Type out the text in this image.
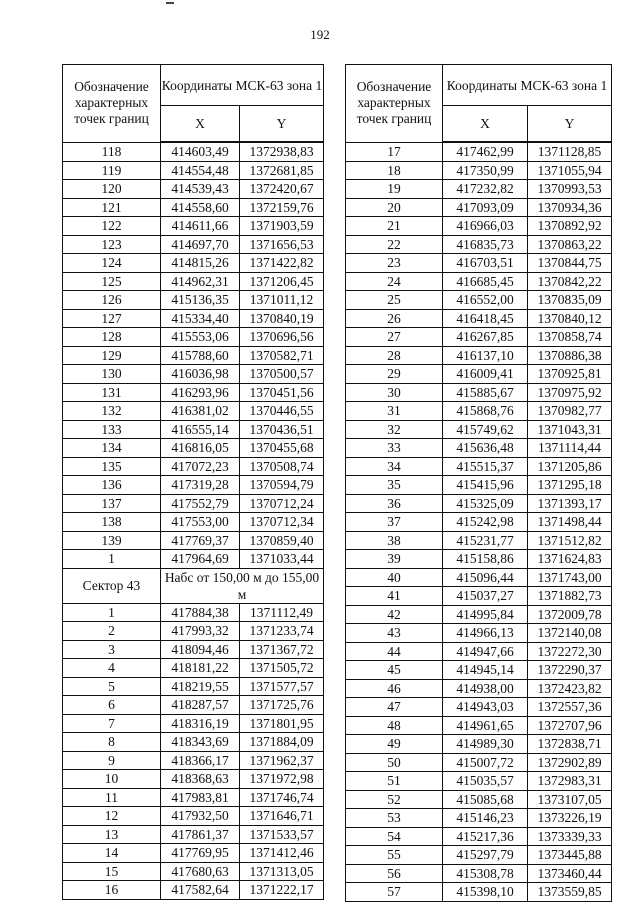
192
Обозначение характерных точек границ	Координаты МСК-63 зона 1	
	X	Y
118	414603,49	1372938,83
119	414554,48	1372681,85
120	414539,43	1372420,67
121	414558,60	1372159,76
122	414611,66	1371903,59
123	414697,70	1371656,53
124	414815,26	1371422,82
125	414962,31	1371206,45
126	415136,35	1371011,12
127	415334,40	1370840,19
128	415553,06	1370696,56
129	415788,60	1370582,71
130	416036,98	1370500,57
131	416293,96	1370451,56
132	416381,02	1370446,55
133	416555,14	1370436,51
134	416816,05	1370455,68
135	417072,23	1370508,74
136	417319,28	1370594,79
137	417552,79	1370712,24
138	417553,00	1370712,34
139	417769,37	1370859,40
1	417964,69	1371033,44
Сектор 43	Набс от 150,00 м до 155,00 м	
1	417884,38	1371112,49
2	417993,32	1371233,74
3	418094,46	1371367,72
4	418181,22	1371505,72
5	418219,55	1371577,57
6	418287,57	1371725,76
7	418316,19	1371801,95
8	418343,69	1371884,09
9	418366,17	1371962,37
10	418368,63	1371972,98
11	417983,81	1371746,74
12	417932,50	1371646,71
13	417861,37	1371533,57
14	417769,95	1371412,46
15	417680,63	1371313,05
16	417582,64	1371222,17
Обозначение характерных точек границ	Координаты МСК-63 зона 1	
	X	Y
17	417462,99	1371128,85
18	417350,99	1371055,94
19	417232,82	1370993,53
20	417093,09	1370934,36
21	416966,03	1370892,92
22	416835,73	1370863,22
23	416703,51	1370844,75
24	416685,45	1370842,22
25	416552,00	1370835,09
26	416418,45	1370840,12
27	416267,85	1370858,74
28	416137,10	1370886,38
29	416009,41	1370925,81
30	415885,67	1370975,92
31	415868,76	1370982,77
32	415749,62	1371043,31
33	415636,48	1371114,44
34	415515,37	1371205,86
35	415415,96	1371295,18
36	415325,09	1371393,17
37	415242,98	1371498,44
38	415231,77	1371512,82
39	415158,86	1371624,83
40	415096,44	1371743,00
41	415037,27	1371882,73
42	414995,84	1372009,78
43	414966,13	1372140,08
44	414947,66	1372272,30
45	414945,14	1372290,37
46	414938,00	1372423,82
47	414943,03	1372557,36
48	414961,65	1372707,96
49	414989,30	1372838,71
50	415007,72	1372902,89
51	415035,57	1372983,31
52	415085,68	1373107,05
53	415146,23	1373226,19
54	415217,36	1373339,33
55	415297,79	1373445,88
56	415308,78	1373460,44
57	415398,10	1373559,85
